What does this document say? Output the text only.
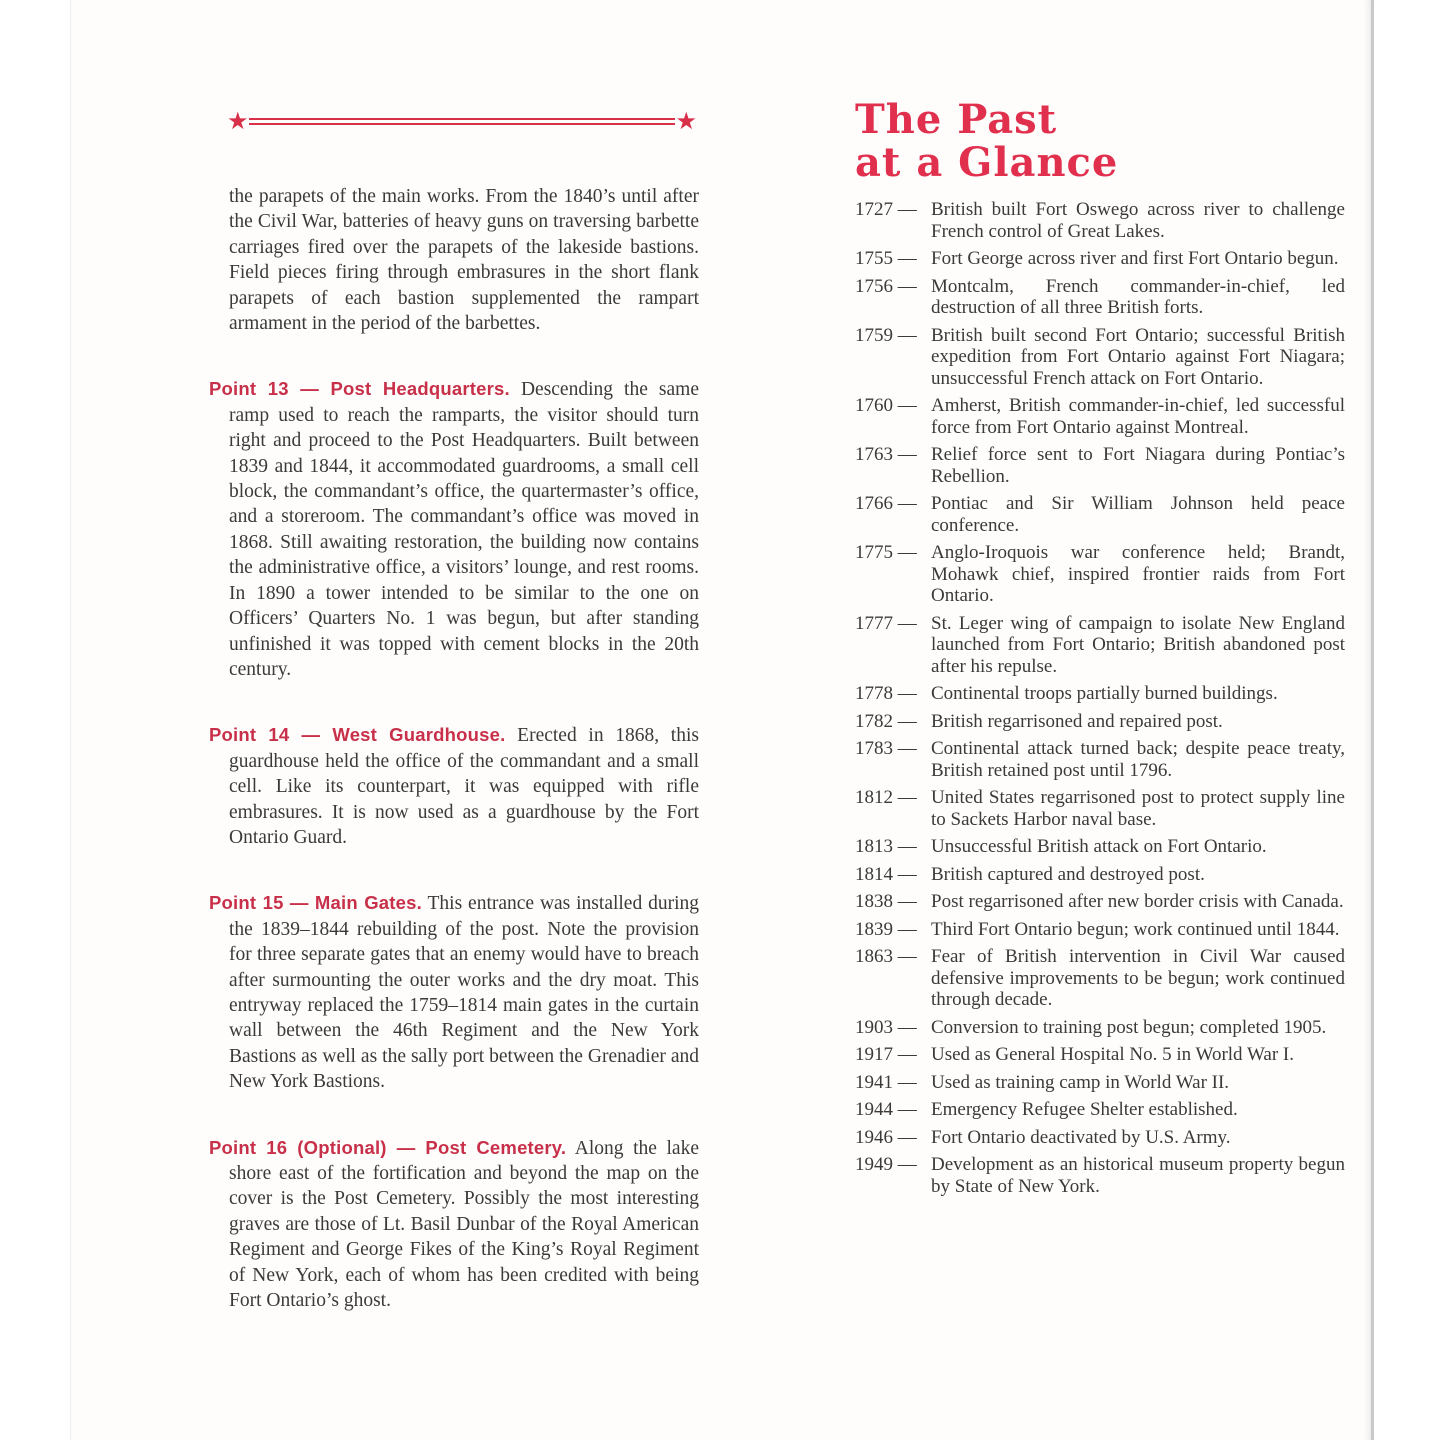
★	★

the parapets of the main works. From the 1840’s until after the Civil War, batteries of heavy guns on traversing barbette carriages fired over the parapets of the lakeside bastions. Field pieces firing through embrasures in the short flank parapets of each bastion supplemented the rampart armament in the period of the barbettes.

Point 13 — Post Headquarters. Descending the same ramp used to reach the ramparts, the visitor should turn right and proceed to the Post Headquarters. Built between 1839 and 1844, it accommodated guardrooms, a small cell block, the commandant’s office, the quartermaster’s office, and a storeroom. The commandant’s office was moved in 1868. Still awaiting restoration, the building now contains the administrative office, a visitors’ lounge, and rest rooms. In 1890 a tower intended to be similar to the one on Officers’ Quarters No. 1 was begun, but after standing unfinished it was topped with cement blocks in the 20th century.

Point 14 — West Guardhouse. Erected in 1868, this guardhouse held the office of the commandant and a small cell. Like its counterpart, it was equipped with rifle embrasures. It is now used as a guardhouse by the Fort Ontario Guard.

Point 15 — Main Gates. This entrance was installed during the 1839–1844 rebuilding of the post. Note the provision for three separate gates that an enemy would have to breach after surmounting the outer works and the dry moat. This entryway replaced the 1759–1814 main gates in the curtain wall between the 46th Regiment and the New York Bastions as well as the sally port between the Grenadier and New York Bastions.

Point 16 (Optional) — Post Cemetery. Along the lake shore east of the fortification and beyond the map on the cover is the Post Cemetery. Possibly the most interesting graves are those of Lt. Basil Dunbar of the Royal American Regiment and George Fikes of the King’s Royal Regiment of New York, each of whom has been credited with being Fort Ontario’s ghost.

The Past
at a Glance
1727 — British built Fort Oswego across river to challenge French control of Great Lakes.
1755 — Fort George across river and first Fort Ontario begun.
1756 — Montcalm, French commander-in-chief, led destruction of all three British forts.
1759 — British built second Fort Ontario; successful British expedition from Fort Ontario against Fort Niagara; unsuccessful French attack on Fort Ontario.
1760 — Amherst, British commander-in-chief, led successful force from Fort Ontario against Montreal.
1763 — Relief force sent to Fort Niagara during Pontiac’s Rebellion.
1766 — Pontiac and Sir William Johnson held peace conference.
1775 — Anglo-Iroquois war conference held; Brandt, Mohawk chief, inspired frontier raids from Fort Ontario.
1777 — St. Leger wing of campaign to isolate New England launched from Fort Ontario; British abandoned post after his repulse.
1778 — Continental troops partially burned buildings.
1782 — British regarrisoned and repaired post.
1783 — Continental attack turned back; despite peace treaty, British retained post until 1796.
1812 — United States regarrisoned post to protect supply line to Sackets Harbor naval base.
1813 — Unsuccessful British attack on Fort Ontario.
1814 — British captured and destroyed post.
1838 — Post regarrisoned after new border crisis with Canada.
1839 — Third Fort Ontario begun; work continued until 1844.
1863 — Fear of British intervention in Civil War caused defensive improvements to be begun; work continued through decade.
1903 — Conversion to training post begun; completed 1905.
1917 — Used as General Hospital No. 5 in World War I.
1941 — Used as training camp in World War II.
1944 — Emergency Refugee Shelter established.
1946 — Fort Ontario deactivated by U.S. Army.
1949 — Development as an historical museum property begun by State of New York.
